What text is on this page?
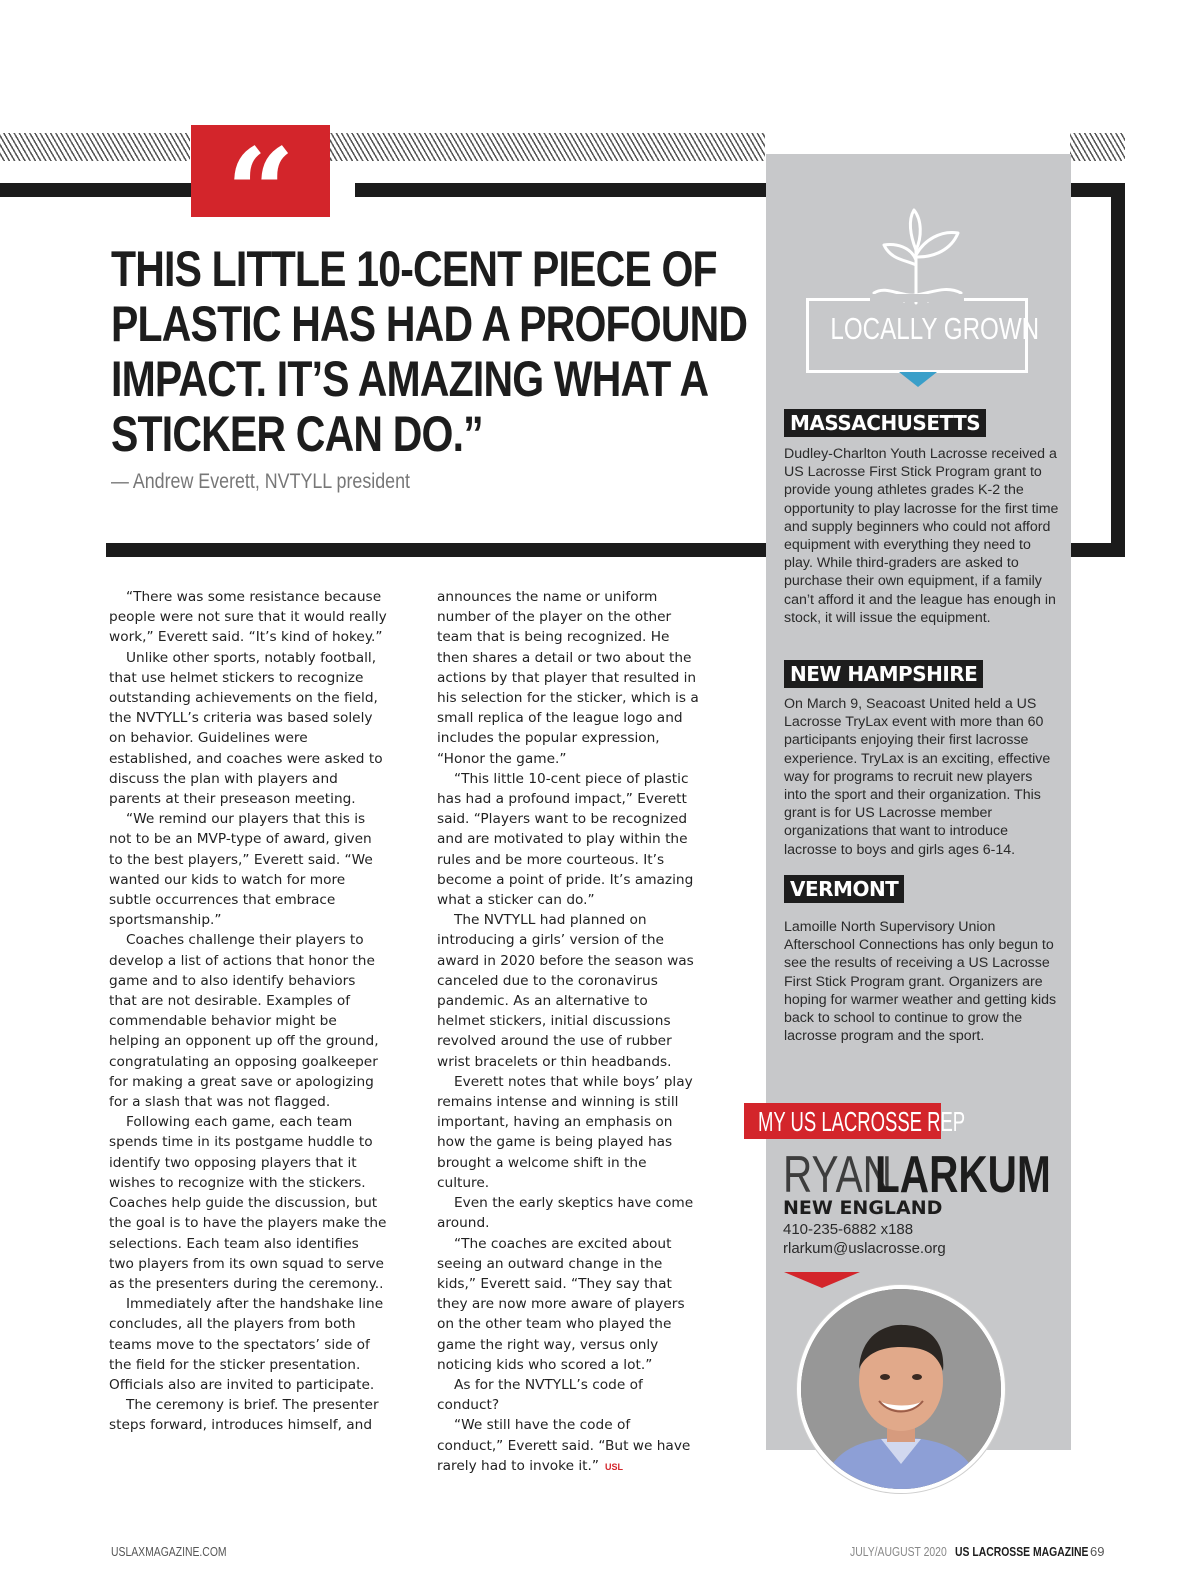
“
THIS LITTLE 10-CENT PIECE OF PLASTIC HAS HAD A PROFOUND IMPACT. IT’S AMAZING WHAT A STICKER CAN DO.”
— Andrew Everett, NVTYLL president
LOCALLY GROWN
MASSACHUSETTS
Dudley-Charlton Youth Lacrosse received a US Lacrosse First Stick Program grant to provide young athletes grades K-2 the opportunity to play lacrosse for the first time and supply beginners who could not afford equipment with everything they need to play. While third-graders are asked to purchase their own equipment, if a family can’t afford it and the league has enough in stock, it will issue the equipment.
NEW HAMPSHIRE
On March 9, Seacoast United held a US Lacrosse TryLax event with more than 60 participants enjoying their first lacrosse experience. TryLax is an exciting, effective way for programs to recruit new players into the sport and their organization. This grant is for US Lacrosse member organizations that want to introduce lacrosse to boys and girls ages 6-14.
VERMONT
Lamoille North Supervisory Union Afterschool Connections has only begun to see the results of receiving a US Lacrosse First Stick Program grant. Organizers are hoping for warmer weather and getting kids back to school to continue to grow the lacrosse program and the sport.
MY US LACROSSE REP
RYAN
LARKUM
NEW ENGLAND
410-235-6882 x188
rlarkum@uslacrosse.org

“There was some resistance because people were not sure that it would really work,” Everett said. “It’s kind of hokey.”

Unlike other sports, notably football, that use helmet stickers to recognize outstanding achievements on the field, the NVTYLL’s criteria was based solely on behavior. Guidelines were established, and coaches were asked to discuss the plan with players and parents at their preseason meeting.

“We remind our players that this is not to be an MVP-type of award, given to the best players,” Everett said. “We wanted our kids to watch for more subtle occurrences that embrace sportsmanship.”

Coaches challenge their players to develop a list of actions that honor the game and to also identify behaviors that are not desirable. Examples of commendable behavior might be helping an opponent up off the ground, congratulating an opposing goalkeeper for making a great save or apologizing for a slash that was not flagged.

Following each game, each team spends time in its postgame huddle to identify two opposing players that it wishes to recognize with the stickers. Coaches help guide the discussion, but the goal is to have the players make the selections. Each team also identifies two players from its own squad to serve as the presenters during the ceremony..

Immediately after the handshake line concludes, all the players from both teams move to the spectators’ side of the field for the sticker presentation. Officials also are invited to participate.

The ceremony is brief. The presenter steps forward, introduces himself, and

announces the name or uniform number of the player on the other team that is being recognized. He then shares a detail or two about the actions by that player that resulted in his selection for the sticker, which is a small replica of the league logo and includes the popular expression, “Honor the game.”

“This little 10-cent piece of plastic has had a profound impact,” Everett said. “Players want to be recognized and are motivated to play within the rules and be more courteous. It’s become a point of pride. It’s amazing what a sticker can do.”

The NVTYLL had planned on introducing a girls’ version of the award in 2020 before the season was canceled due to the coronavirus pandemic. As an alternative to helmet stickers, initial discussions revolved around the use of rubber wrist bracelets or thin headbands.

Everett notes that while boys’ play remains intense and winning is still important, having an emphasis on how the game is being played has brought a welcome shift in the culture.

Even the early skeptics have come around.

“The coaches are excited about seeing an outward change in the kids,” Everett said. “They say that they are now more aware of players on the other team who played the game the right way, versus only noticing kids who scored a lot.”

As for the NVTYLL’s code of conduct?

“We still have the code of conduct,” Everett said. “But we have rarely had to invoke it.” USL

USLAXMAGAZINE.COM	JULY/AUGUST 2020 US LACROSSE MAGAZINE 69
